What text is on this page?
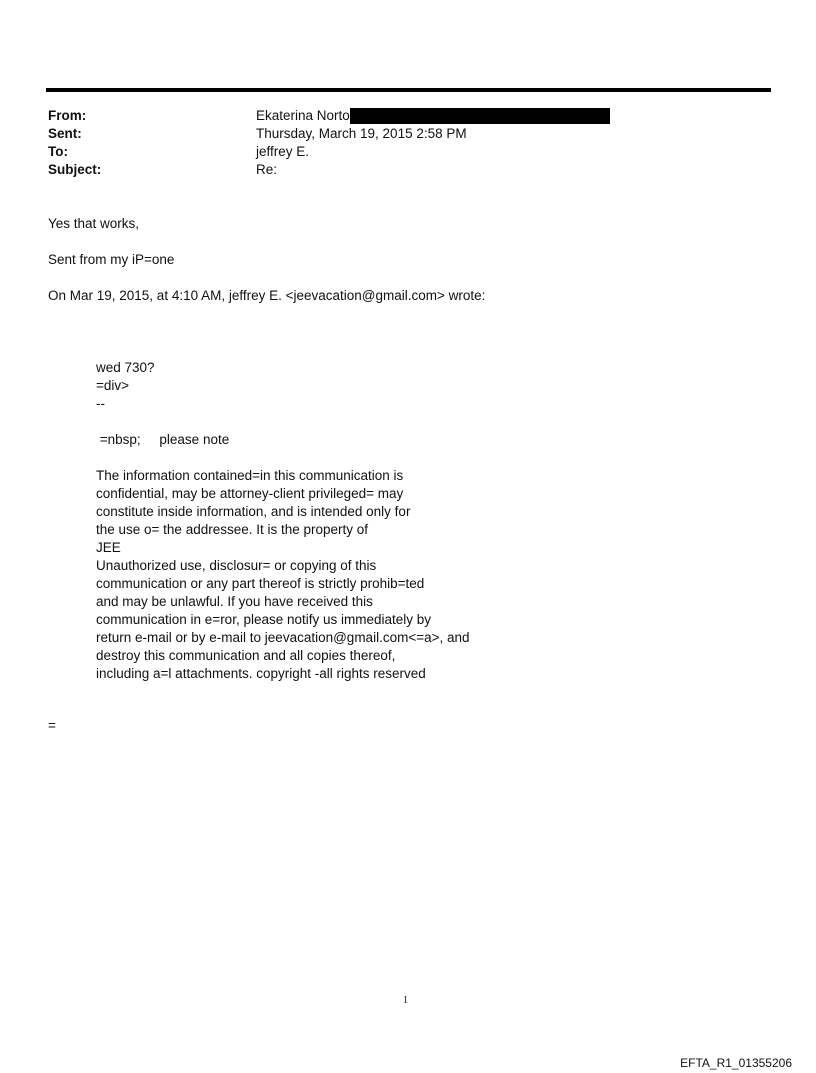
From:	Ekaterina Norto
Sent:	Thursday, March 19, 2015 2:58 PM
To:	jeffrey E.
Subject:	Re:
Yes that works,
Sent from my iP=one
On Mar 19, 2015, at 4:10 AM, jeffrey E. <jeevacation@gmail.com> wrote:
wed 730?
=div>
--
=nbsp;     please note
The information contained=in this communication is
confidential, may be attorney-client privileged= may
constitute inside information, and is intended only for
the use o= the addressee. It is the property of
JEE
Unauthorized use, disclosur= or copying of this
communication or any part thereof is strictly prohib=ted
and may be unlawful. If you have received this
communication in e=ror, please notify us immediately by
return e-mail or by e-mail to jeevacation@gmail.com<=a>, and
destroy this communication and all copies thereof,
including a=l attachments. copyright -all rights reserved
=
1
EFTA_R1_01355206
